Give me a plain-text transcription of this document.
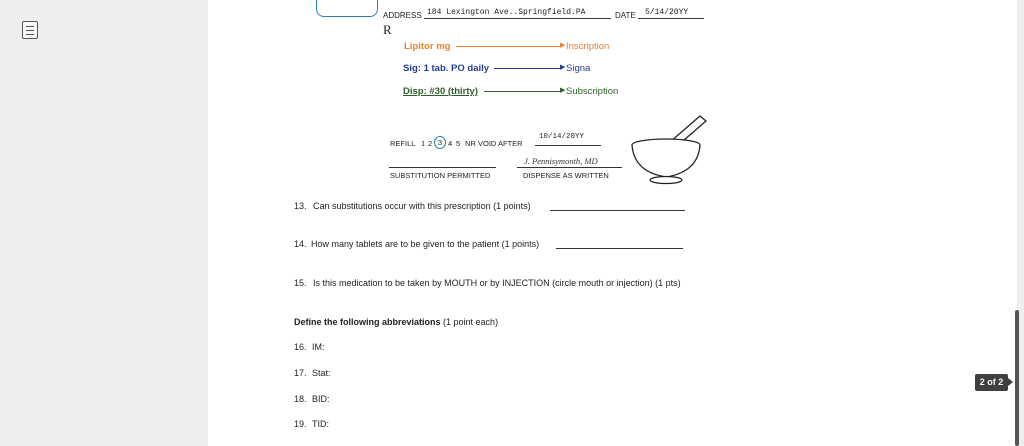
ADDRESS 184 Lexington Ave..Springfield.PA	DATE 5/14/20YY
R
Lipitor mg	▶ Inscription
Sig: 1 tab. PO daily	▶ Signa
Disp: #30 (thirty)	▶ Subscription
REFILL 1 2 3 4 5 NR VOID AFTER
10/14/20YY
J. Pennisymonth, MD
SUBSTITUTION PERMITTED	DISPENSE AS WRITTEN
13. Can substitutions occur with this prescription (1 points)
14. How many tablets are to be given to the patient (1 points)
15. Is this medication to be taken by MOUTH or by INJECTION (circle mouth or injection) (1 pts)
Define the following abbreviations (1 point each)
16. IM:
17. Stat:
18. BID:
19. TID:
2 of 2
